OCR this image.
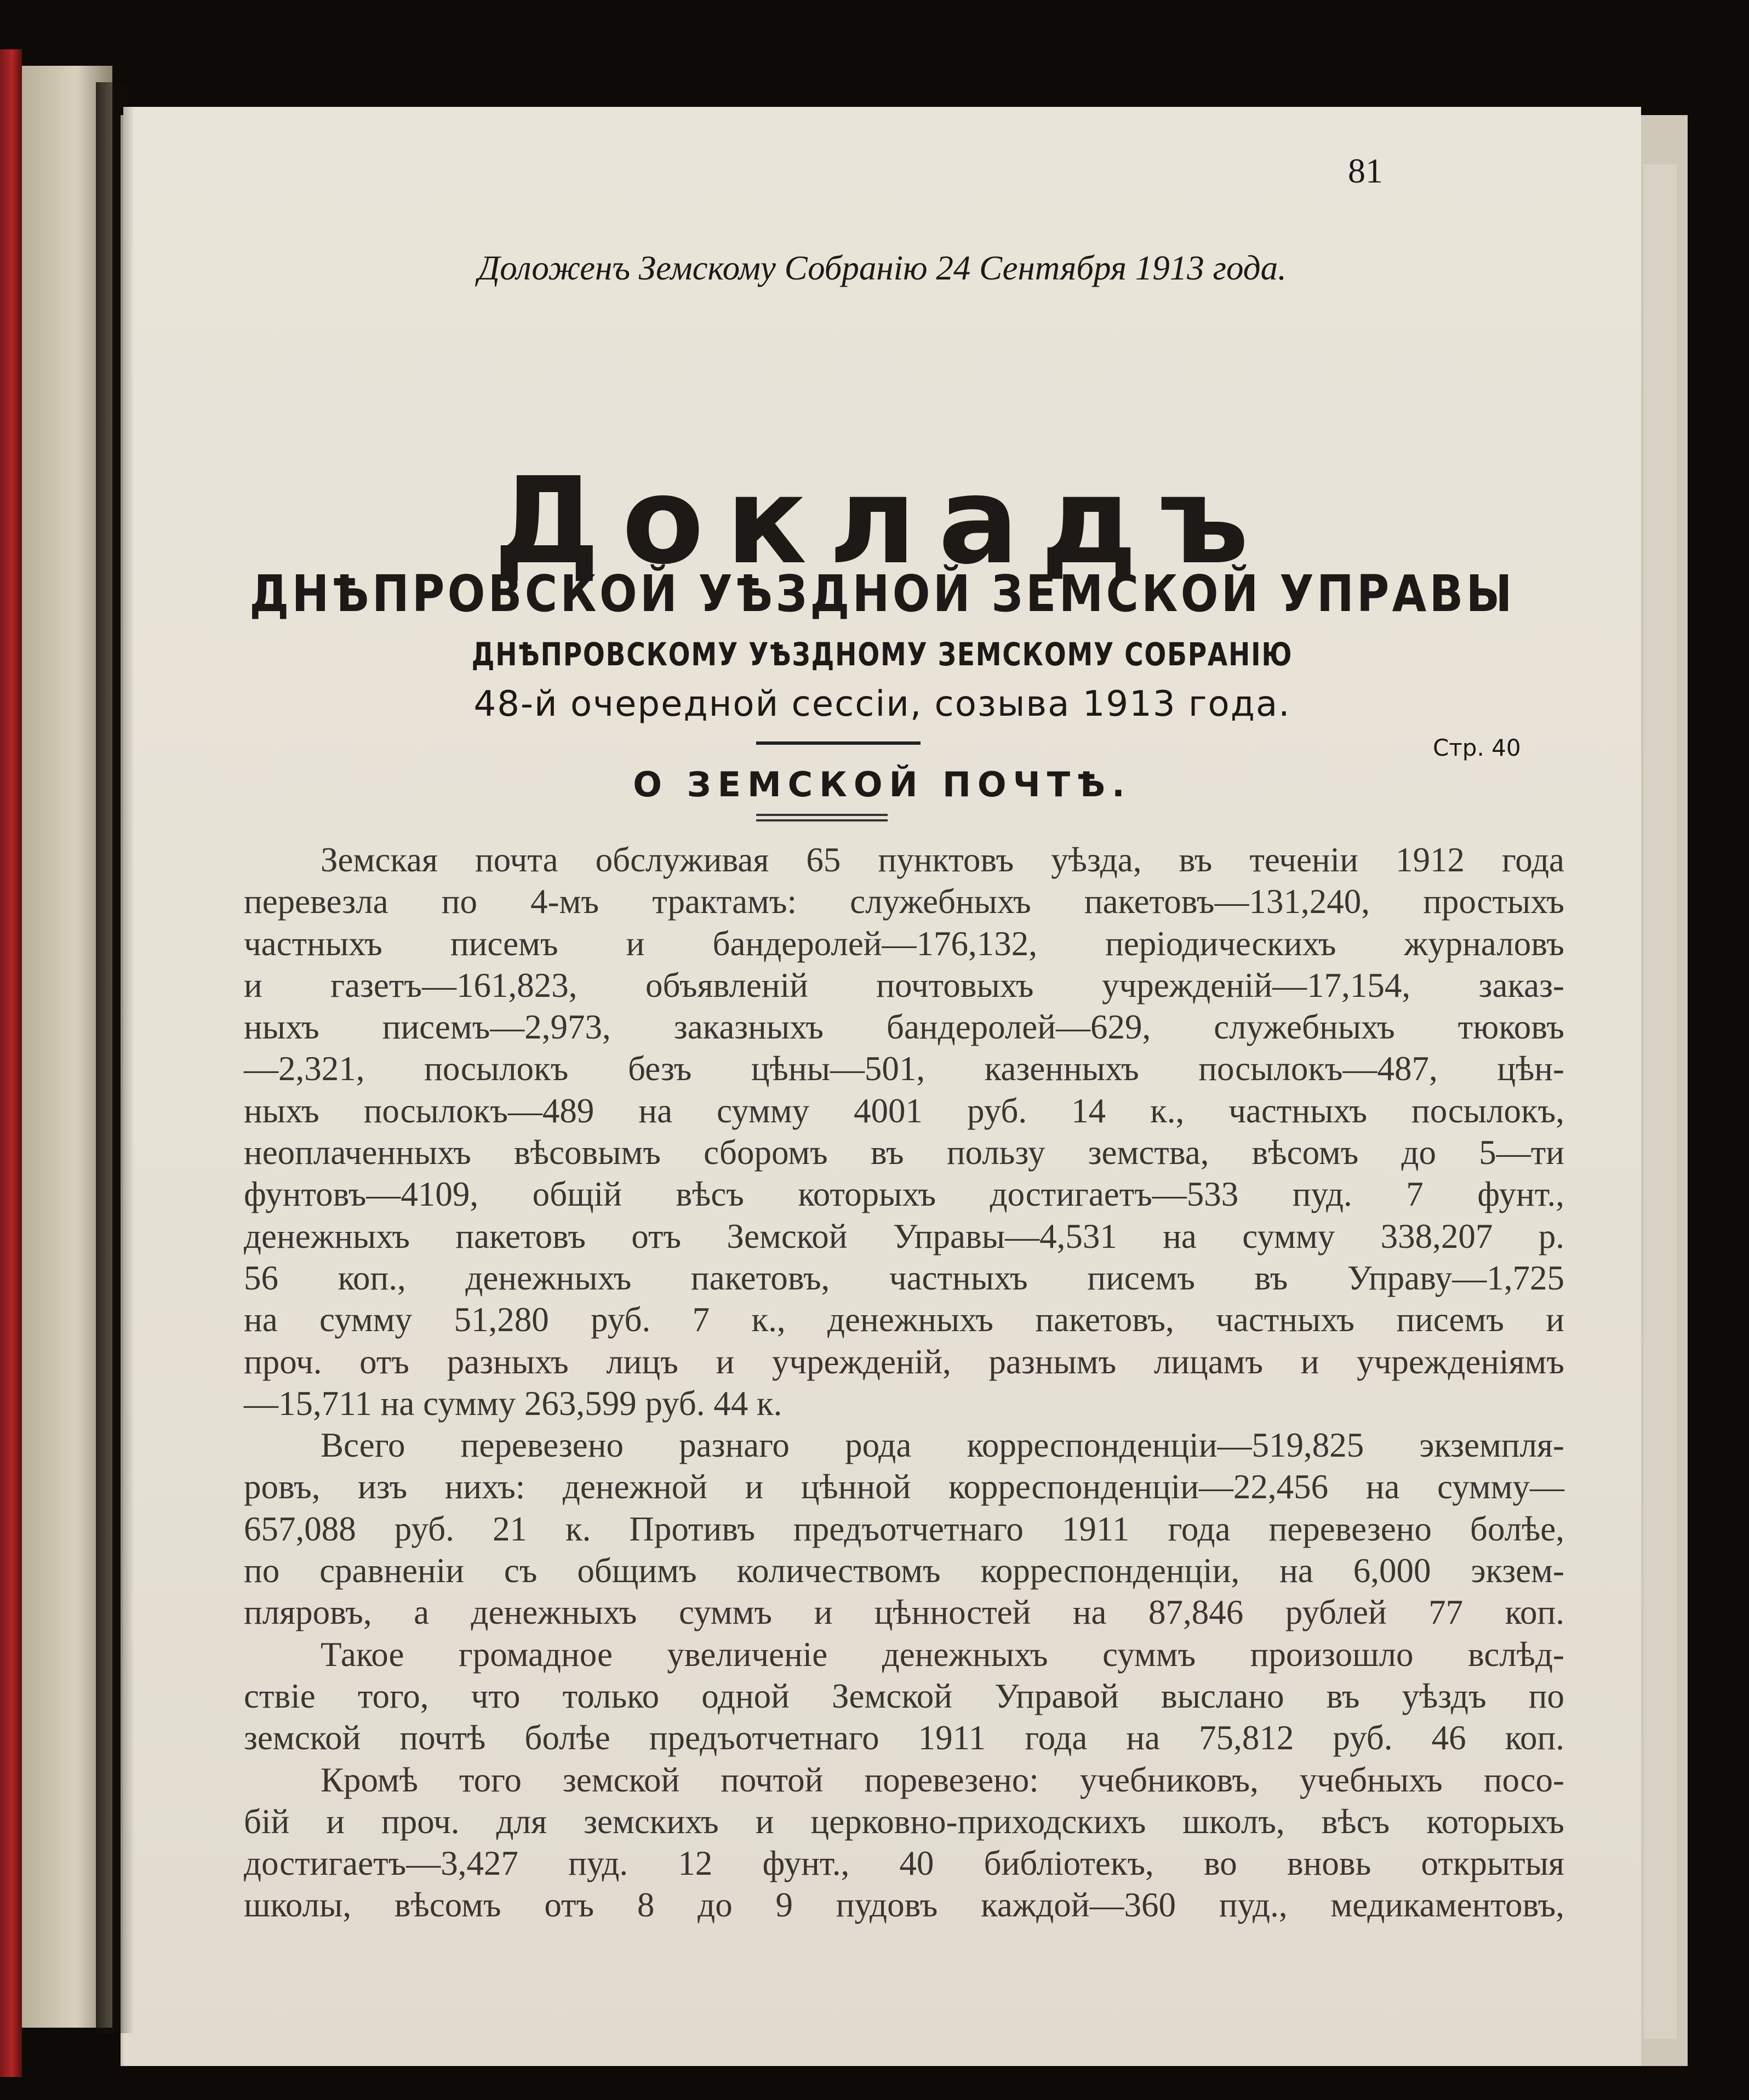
81
Доложенъ Земскому Собранію 24 Сентября 1913 года.
Докладъ
ДНѢПРОВСКОЙ УѢЗДНОЙ ЗЕМСКОЙ УПРАВЫ
ДНѢПРОВСКОМУ УѢЗДНОМУ ЗЕМСКОМУ СОБРАНІЮ
48-й очередной сессіи, созыва 1913 года.
О ЗЕМСКОЙ ПОЧТѢ.
Стр. 40
Земская почта обслуживая 65 пунктовъ уѣзда, въ теченіи 1912 года
перевезла по 4-мъ трактамъ: служебныхъ пакетовъ—131,240, простыхъ
частныхъ писемъ и бандеролей—176,132, періодическихъ журналовъ
и газетъ—161,823, объявленій почтовыхъ учрежденій—17,154, заказ-
ныхъ писемъ—2,973, заказныхъ бандеролей—629, служебныхъ тюковъ
—2,321, посылокъ безъ цѣны—501, казенныхъ посылокъ—487, цѣн-
ныхъ посылокъ—489 на сумму 4001 руб. 14 к., частныхъ посылокъ,
неоплаченныхъ вѣсовымъ сборомъ въ пользу земства, вѣсомъ до 5—ти
фунтовъ—4109, общій вѣсъ которыхъ достигаетъ—533 пуд. 7 фунт.,
денежныхъ пакетовъ отъ Земской Управы—4,531 на сумму 338,207 р.
56 коп., денежныхъ пакетовъ, частныхъ писемъ въ Управу—1,725
на сумму 51,280 руб. 7 к., денежныхъ пакетовъ, частныхъ писемъ и
проч. отъ разныхъ лицъ и учрежденій, разнымъ лицамъ и учрежденіямъ
—15,711 на сумму 263,599 руб. 44 к.
Всего перевезено разнаго рода корреспонденціи—519,825 экземпля-
ровъ, изъ нихъ: денежной и цѣнной корреспонденціи—22,456 на сумму—
657,088 руб. 21 к. Противъ предъотчетнаго 1911 года перевезено болѣе,
по сравненіи съ общимъ количествомъ корреспонденціи, на 6,000 экзем-
пляровъ, а денежныхъ суммъ и цѣнностей на 87,846 рублей 77 коп.
Такое громадное увеличеніе денежныхъ суммъ произошло вслѣд-
ствіе того, что только одной Земской Управой выслано въ уѣздъ по
земской почтѣ болѣе предъотчетнаго 1911 года на 75,812 руб. 46 коп.
Кромѣ того земской почтой поревезено: учебниковъ, учебныхъ посо-
бій и проч. для земскихъ и церковно-приходскихъ школъ, вѣсъ которыхъ
достигаетъ—3,427 пуд. 12 фунт., 40 библіотекъ, во вновь открытыя
школы, вѣсомъ отъ 8 до 9 пудовъ каждой—360 пуд., медикаментовъ,
